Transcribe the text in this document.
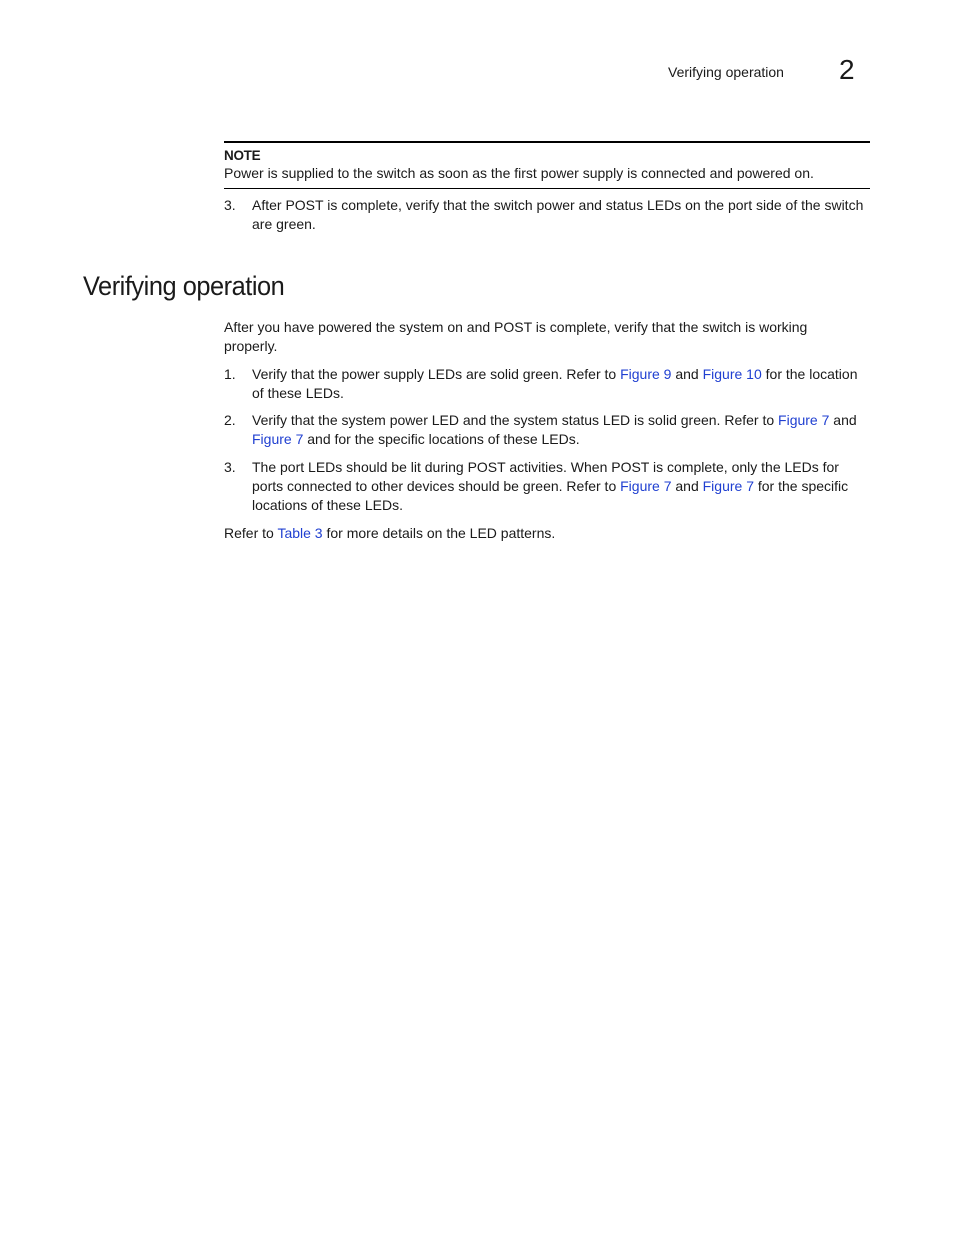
Verifying operation 2
NOTE
Power is supplied to the switch as soon as the first power supply is connected and powered on.
3. After POST is complete, verify that the switch power and status LEDs on the port side of the switch are green.
Verifying operation

After you have powered the system on and POST is complete, verify that the switch is working properly.

1. Verify that the power supply LEDs are solid green. Refer to Figure 9 and Figure 10 for the location of these LEDs.
2. Verify that the system power LED and the system status LED is solid green. Refer to Figure 7 and Figure 7 and for the specific locations of these LEDs.
3. The port LEDs should be lit during POST activities. When POST is complete, only the LEDs for ports connected to other devices should be green. Refer to Figure 7 and Figure 7 for the specific locations of these LEDs.

Refer to Table 3 for more details on the LED patterns.
